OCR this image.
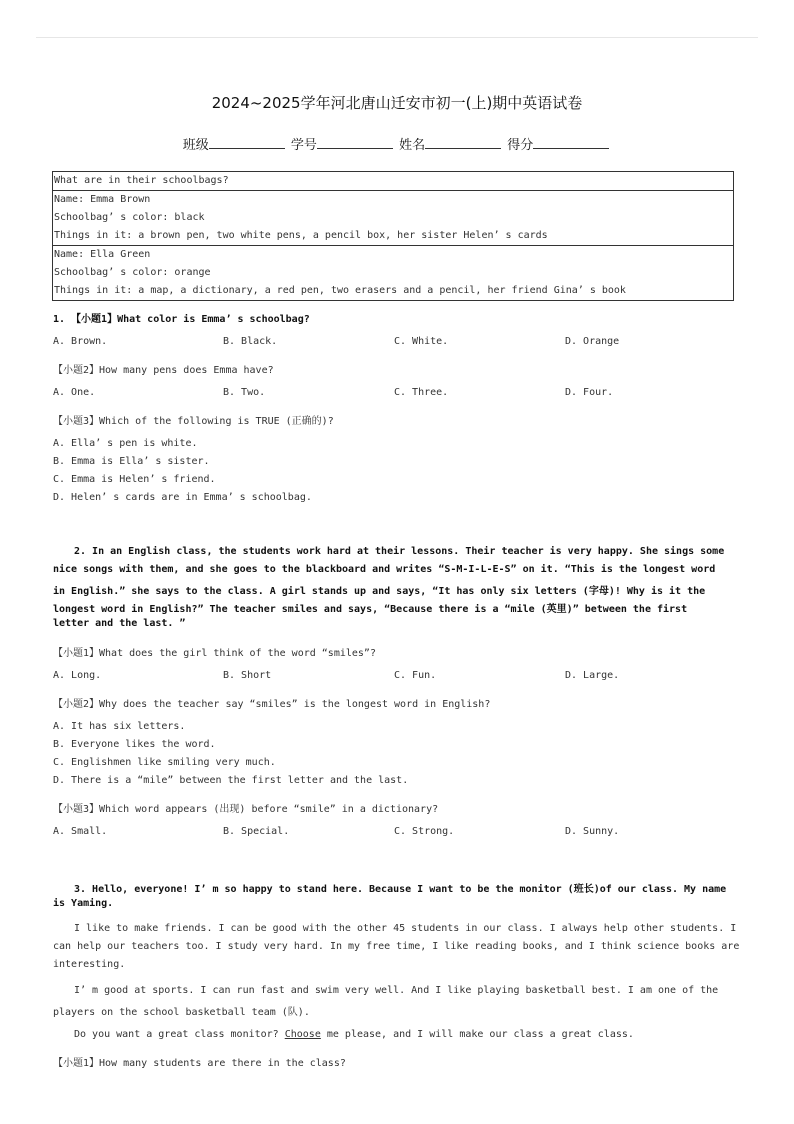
2024~2025学年河北唐山迁安市初一(上)期中英语试卷
班级	学号	姓名	得分
What are in their schoolbags?
Name: Emma Brown
Schoolbag’ s color: black
Things in it: a brown pen, two white pens, a pencil box, her sister Helen’ s cards
Name: Ella Green
Schoolbag’ s color: orange
Things in it: a map, a dictionary, a red pen, two erasers and a pencil, her friend Gina’ s book
1. 【小题1】What color is Emma’ s schoolbag?
A. Brown.	B. Black.	C. White.	D. Orange
【小题2】How many pens does Emma have?
A. One.	B. Two.	C. Three.	D. Four.
【小题3】Which of the following is TRUE (正确的)?
A. Ella’ s pen is white.
B. Emma is Ella’ s sister.
C. Emma is Helen’ s friend.
D. Helen’ s cards are in Emma’ s schoolbag.
2. In an English class, the students work hard at their lessons. Their teacher is very happy. She sings some
nice songs with them, and she goes to the blackboard and writes “S-M-I-L-E-S” on it. “This is the longest word
in English.” she says to the class. A girl stands up and says, “It has only six letters (字母)! Why is it the
longest word in English?” The teacher smiles and says, “Because there is a “mile (英里)” between the first
letter and the last. ”
【小题1】What does the girl think of the word “smiles”?
A. Long.	B. Short	C. Fun.	D. Large.
【小题2】Why does the teacher say “smiles” is the longest word in English?
A. It has six letters.
B. Everyone likes the word.
C. Englishmen like smiling very much.
D. There is a “mile” between the first letter and the last.
【小题3】Which word appears (出现) before “smile” in a dictionary?
A. Small.	B. Special.	C. Strong.	D. Sunny.
3. Hello, everyone! I’ m so happy to stand here. Because I want to be the monitor (班长)of our class. My name
is Yaming.
I like to make friends. I can be good with the other 45 students in our class. I always help other students. I
can help our teachers too. I study very hard. In my free time, I like reading books, and I think science books are
interesting.
I’ m good at sports. I can run fast and swim very well. And I like playing basketball best. I am one of the
players on the school basketball team (队).
Do you want a great class monitor? Choose me please, and I will make our class a great class.
【小题1】How many students are there in the class?
